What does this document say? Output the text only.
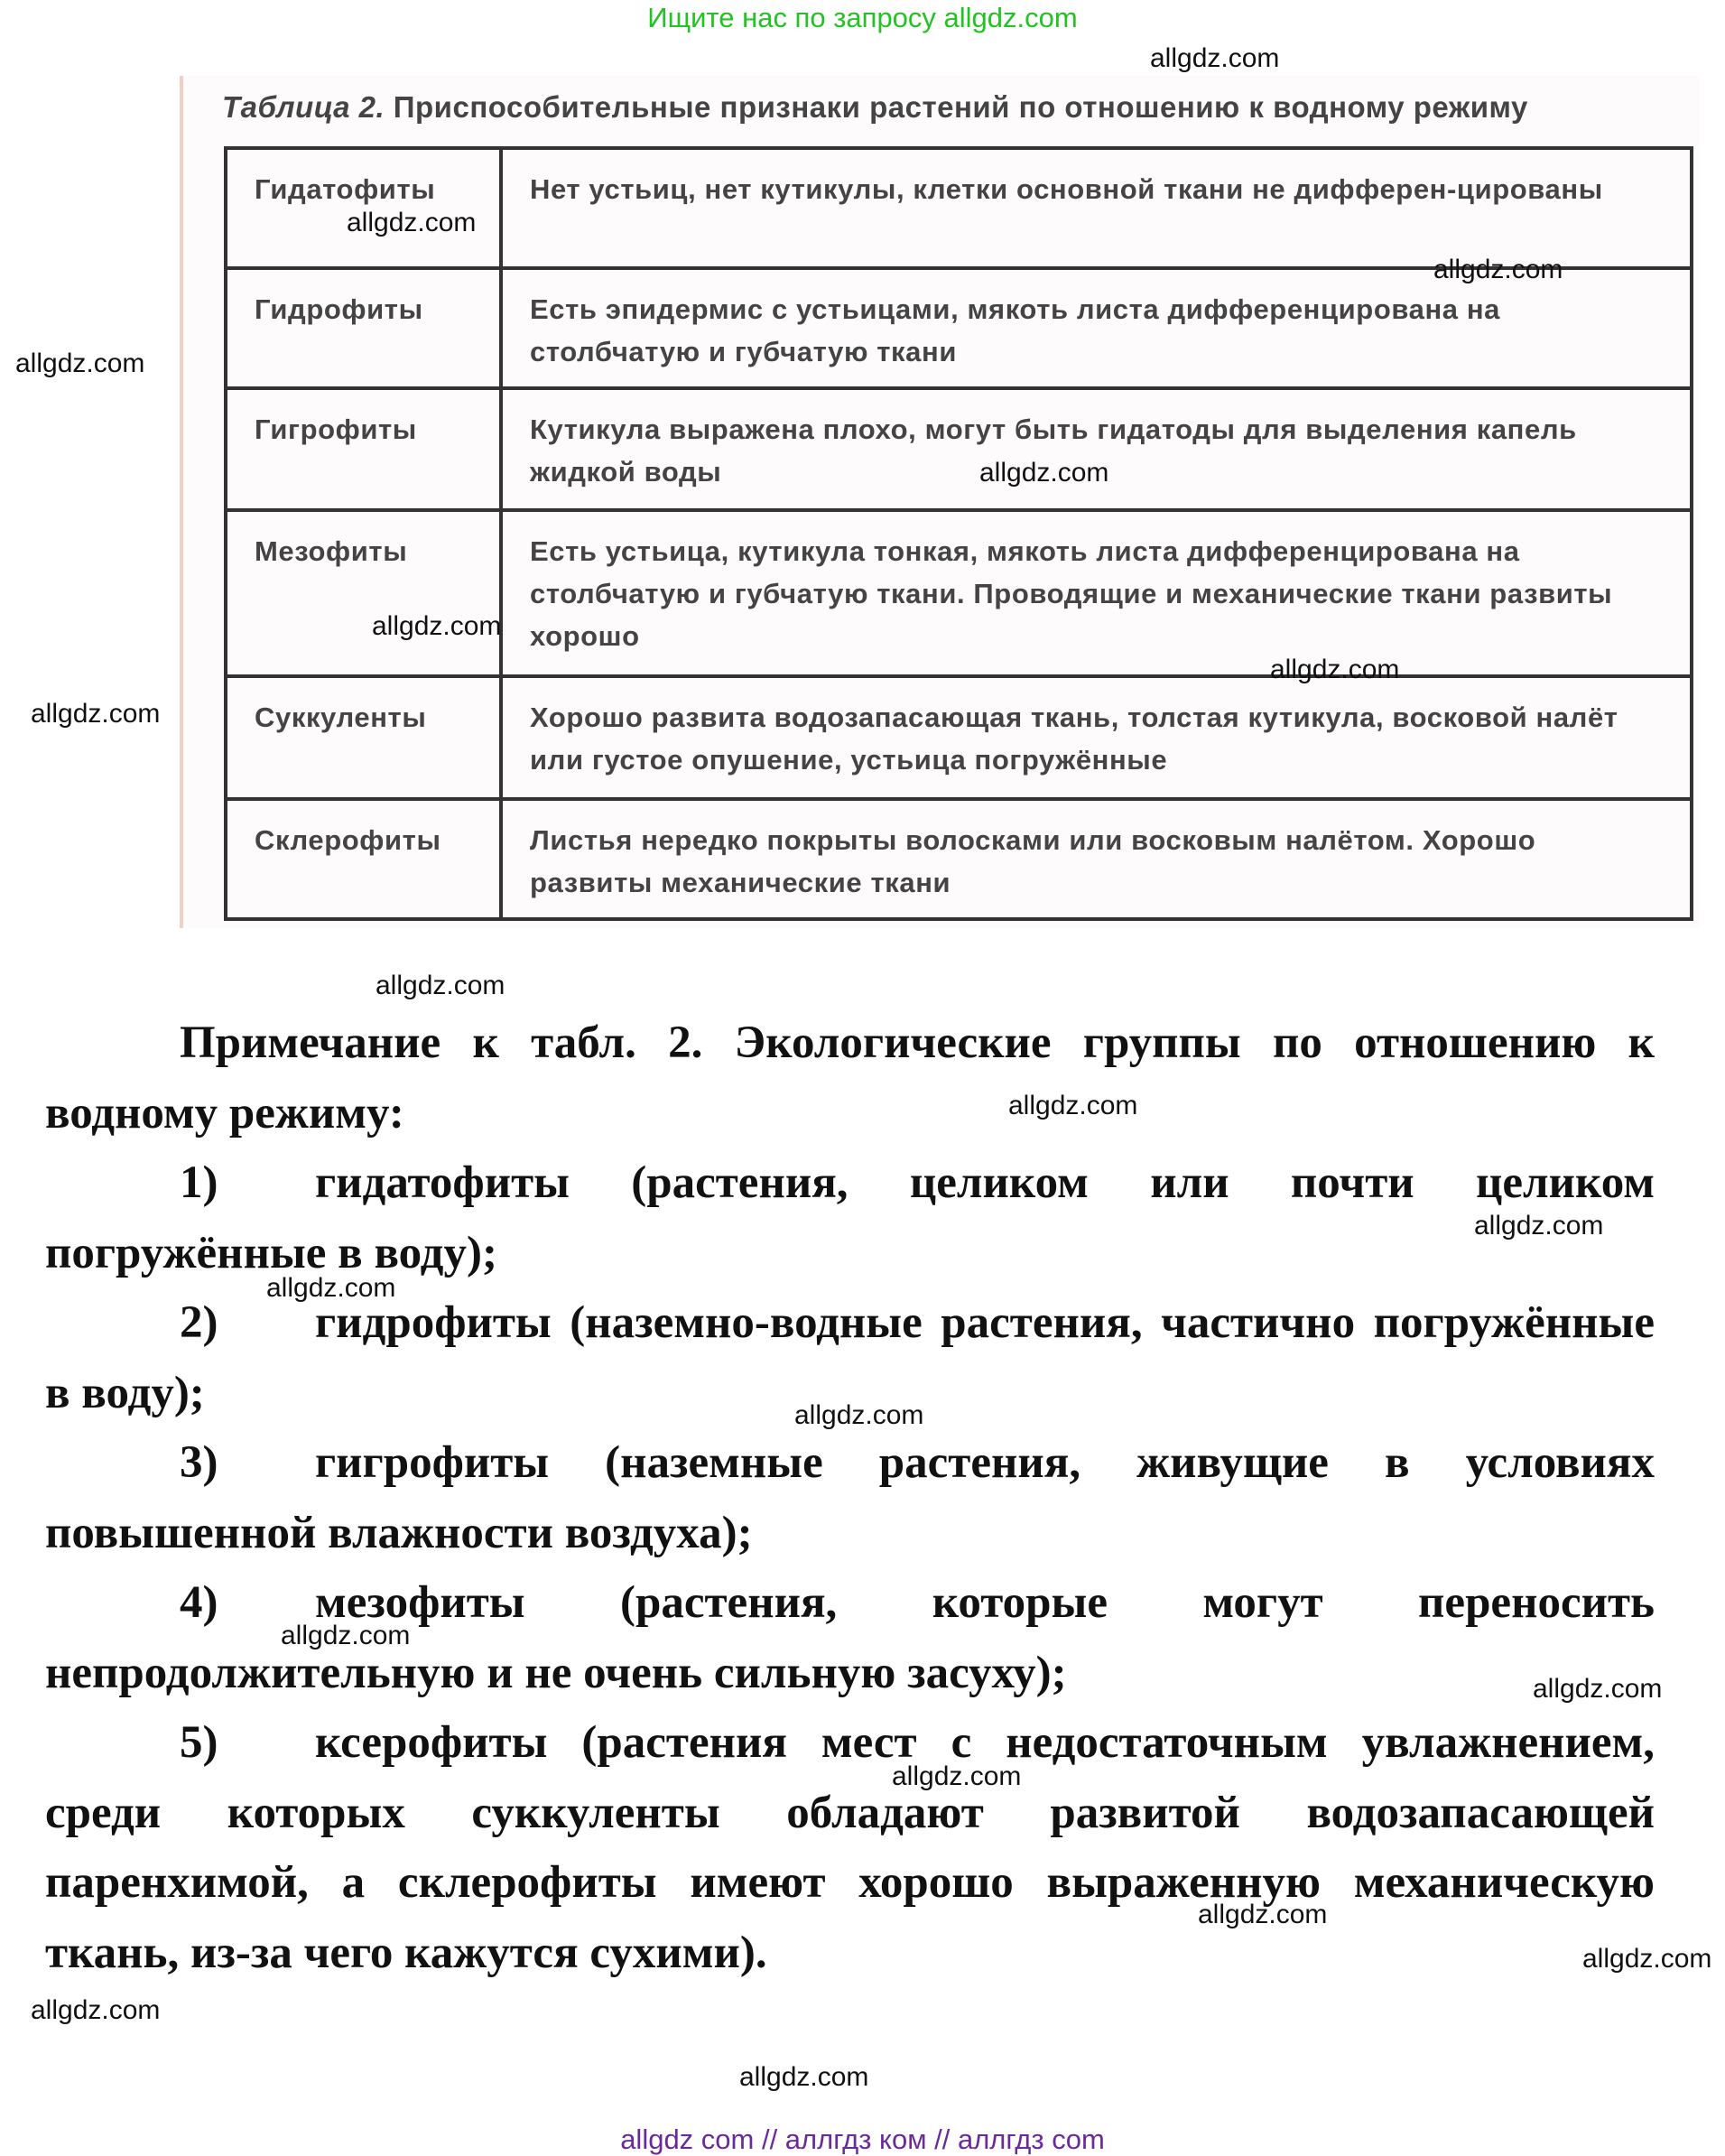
Ищите нас по запросу allgdz.com
Таблица 2. Приспособительные признаки растений по отношению к водному режиму
Гидатофиты	Нет устьиц, нет кутикулы, клетки основной ткани не дифферен-цированы
Гидрофиты	Есть эпидермис с устьицами, мякоть листа дифференцирована на столбчатую и губчатую ткани
Гигрофиты	Кутикула выражена плохо, могут быть гидатоды для выделения капель жидкой воды
Мезофиты	Есть устьица, кутикула тонкая, мякоть листа дифференцирована на столбчатую и губчатую ткани. Проводящие и механические ткани развиты хорошо
Суккуленты	Хорошо развита водозапасающая ткань, толстая кутикула, восковой налёт или густое опушение, устьица погружённые
Склерофиты	Листья нередко покрыты волосками или восковым налётом. Хорошо развиты механические ткани

Примечание к табл. 2. Экологические группы по отношению к водному режиму:

1) гидатофиты (растения, целиком или почти целиком погружённые в воду);

2) гидрофиты (наземно-водные растения, частично погружённые в воду);

3) гигрофиты (наземные растения, живущие в условиях повышенной влажности воздуха);

4) мезофиты (растения, которые могут переносить непродолжительную и не очень сильную засуху);

5) ксерофиты (растения мест с недостаточным увлажнением, среди которых суккуленты обладают развитой водозапасающей паренхимой, а склерофиты имеют хорошо выраженную механическую ткань, из-за чего кажутся сухими).

allgdz.com
allgdz.com
allgdz.com
allgdz.com
allgdz.com
allgdz.com
allgdz.com
allgdz.com
allgdz.com
allgdz.com
allgdz.com
allgdz.com
allgdz.com
allgdz.com
allgdz.com
allgdz.com
allgdz.com
allgdz.com
allgdz.com
allgdz.com
allgdz com // аллгдз ком // аллгдз com
